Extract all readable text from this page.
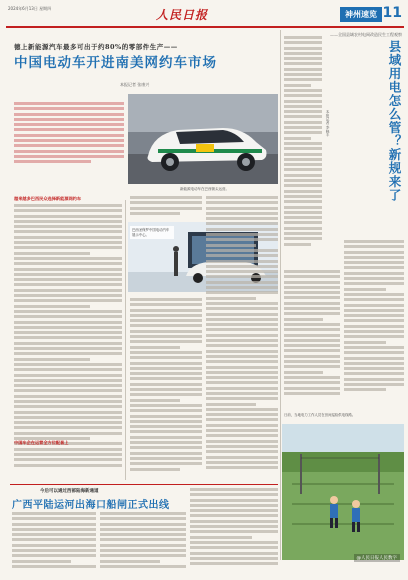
2024年6月13日 星期四	人民日报	神州速览 11
德上新能源汽车最多可出于约80%的零部件生产——
中国电动车开进南美网约车市场
本报记者 张康兴
新能源电动车在巴西街头运营。
越来越多巴西民众选择新能源网约车
中国车企在运营全方位配套上
巴西圣保罗中国电动汽车展示中心。
——全国县域农村电网改造民生工程观察
县域用电怎么管？新规来了
本报记者 李晓丰
日前，当地电力工作人员在田间巡检供电线路。
今后可以通过西部陆海新通道
广西平陆运河出海口船闸正式出线
@人民日报人民数字
